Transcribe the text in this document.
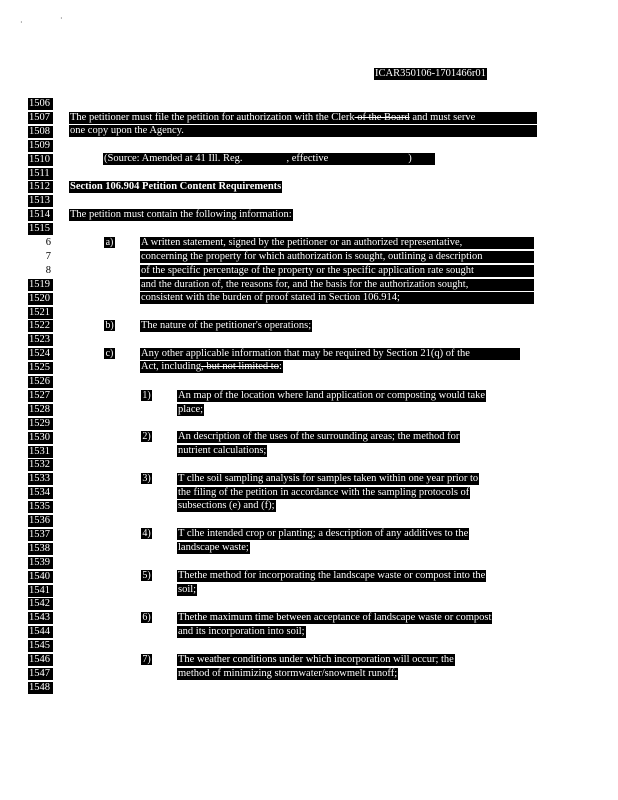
·	·
ICAR350106-1701466r01
1506
1507
1508
1509
1510
1511
1512
1513
1514
1515
6
7
8
1519
1520
1521
1522
1523
1524
1525
1526
1527
1528
1529
1530
1531
1532
1533
1534
1535
1536
1537
1538
1539
1540
1541
1542
1543
1544
1545
1546
1547
1548
The petitioner must file the petition for authorization with the Clerk of the Board and must serve
one copy upon the Agency.
(Source: Amended at 41 Ill. Reg.	, effective	)
Section 106.904 Petition Content Requirements
The petition must contain the following information:
a)	A written statement, signed by the petitioner or an authorized representative,
concerning the property for which authorization is sought, outlining a description
of the specific percentage of the property or the specific application rate sought
and the duration of, the reasons for, and the basis for the authorization sought,
consistent with the burden of proof stated in Section 106.914;
b)	The nature of the petitioner's operations;
c)	Any other applicable information that may be required by Section 21(q) of the
Act, including, but not limited to:
1)	An map of the location where land application or composting would take
place;
2)	An description of the uses of the surrounding areas; the method for
nutrient calculations;
3)	T clhe soil sampling analysis for samples taken within one year prior to
the filing of the petition in accordance with the sampling protocols of
subsections (e) and (f);
4)	T clhe intended crop or planting; a description of any additives to the
landscape waste;
5)	Thethe method for incorporating the landscape waste or compost into the
soil;
6)	Thethe maximum time between acceptance of landscape waste or compost
and its incorporation into soil;
7)	The weather conditions under which incorporation will occur; the
method of minimizing stormwater/snowmelt runoff;
